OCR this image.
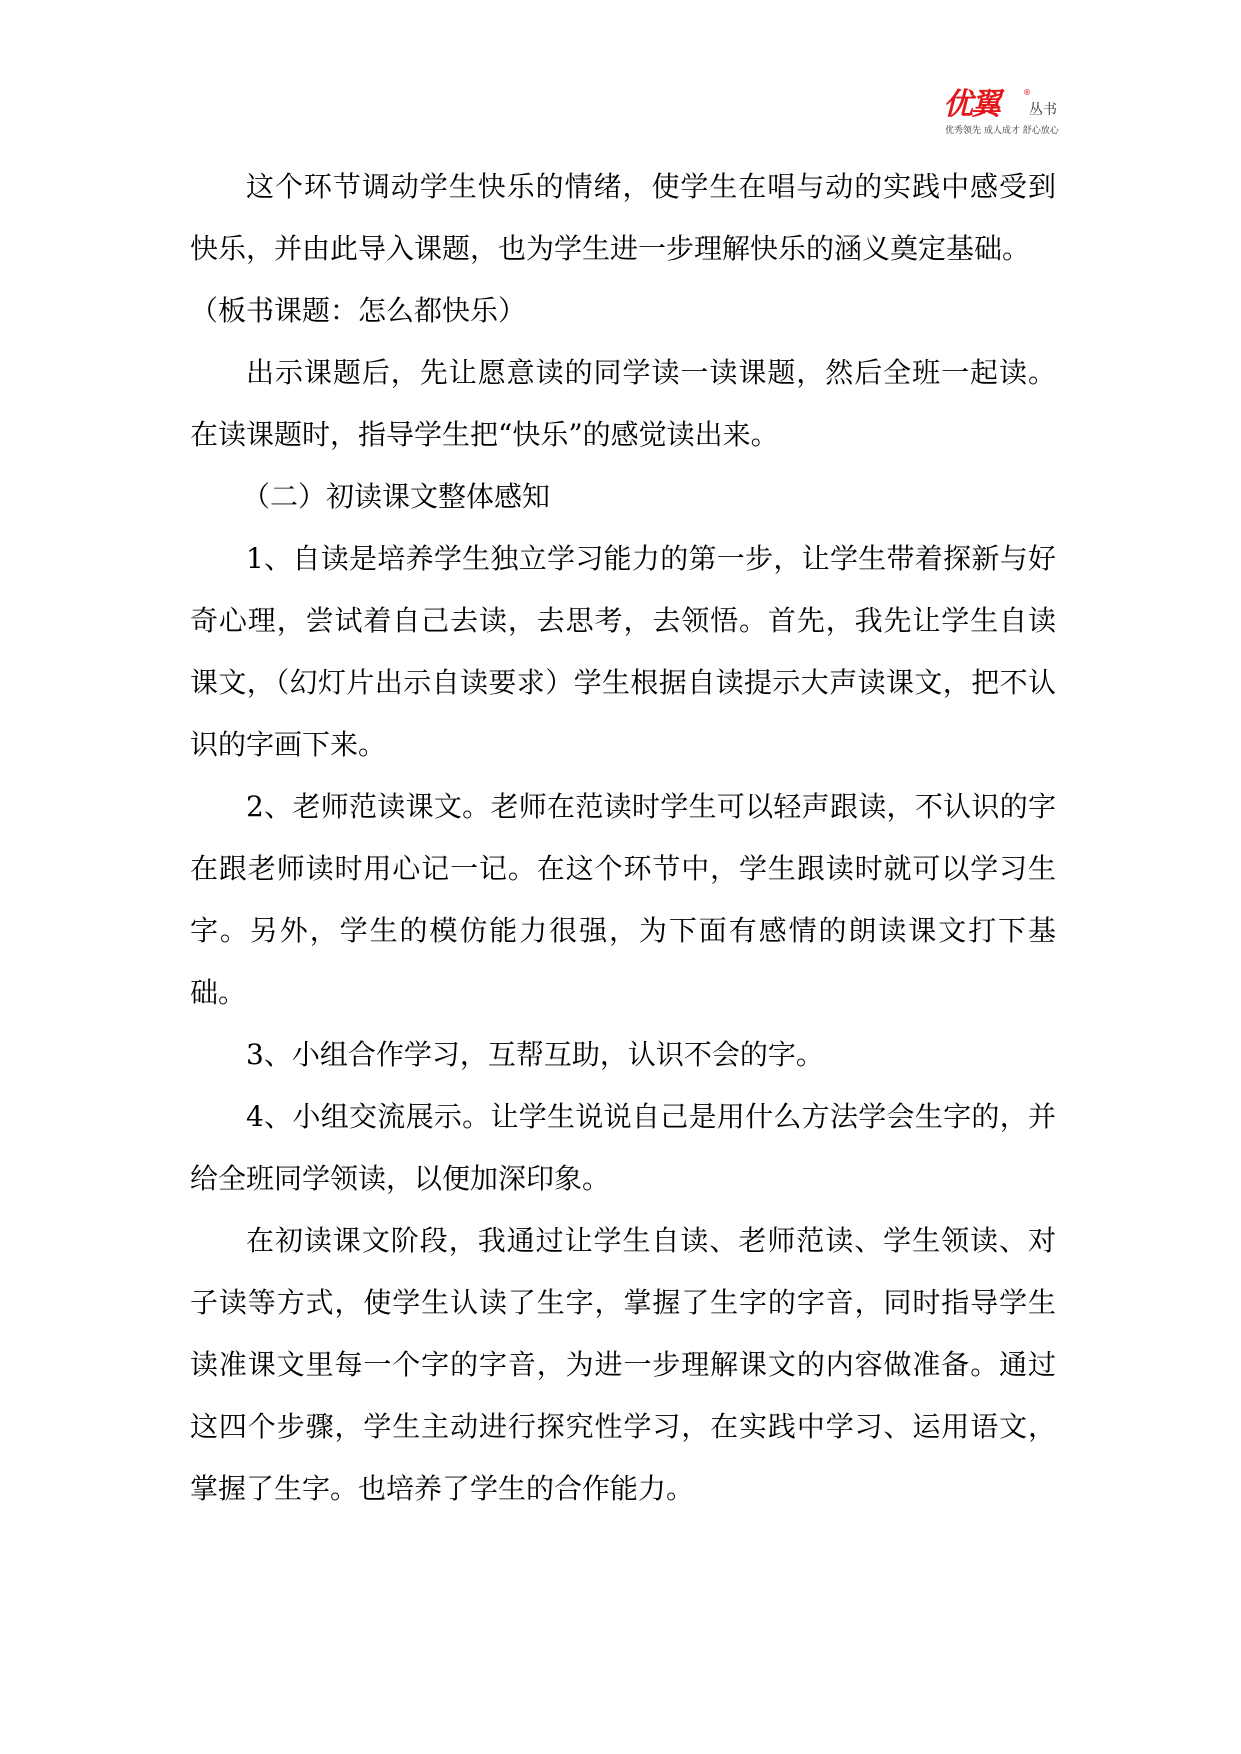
优翼	®
丛书
优秀领先 成人成才 舒心放心

这个环节调动学生快乐的情绪，使学生在唱与动的实践中感受到快乐，并由此导入课题，也为学生进一步理解快乐的涵义奠定基础。

（板书课题：怎么都快乐）

出示课题后，先让愿意读的同学读一读课题，然后全班一起读。在读课题时，指导学生把“快乐”的感觉读出来。

（二）初读课文整体感知

1、自读是培养学生独立学习能力的第一步，让学生带着探新与好奇心理，尝试着自己去读，去思考，去领悟。首先，我先让学生自读课文，（幻灯片出示自读要求）学生根据自读提示大声读课文，把不认识的字画下来。

2、老师范读课文。老师在范读时学生可以轻声跟读，不认识的字在跟老师读时用心记一记。在这个环节中，学生跟读时就可以学习生字。另外，学生的模仿能力很强，为下面有感情的朗读课文打下基础。

3、小组合作学习，互帮互助，认识不会的字。

4、小组交流展示。让学生说说自己是用什么方法学会生字的，并给全班同学领读，以便加深印象。

在初读课文阶段，我通过让学生自读、老师范读、学生领读、对子读等方式，使学生认读了生字，掌握了生字的字音，同时指导学生读准课文里每一个字的字音，为进一步理解课文的内容做准备。通过这四个步骤，学生主动进行探究性学习，在实践中学习、运用语文，掌握了生字。也培养了学生的合作能力。
